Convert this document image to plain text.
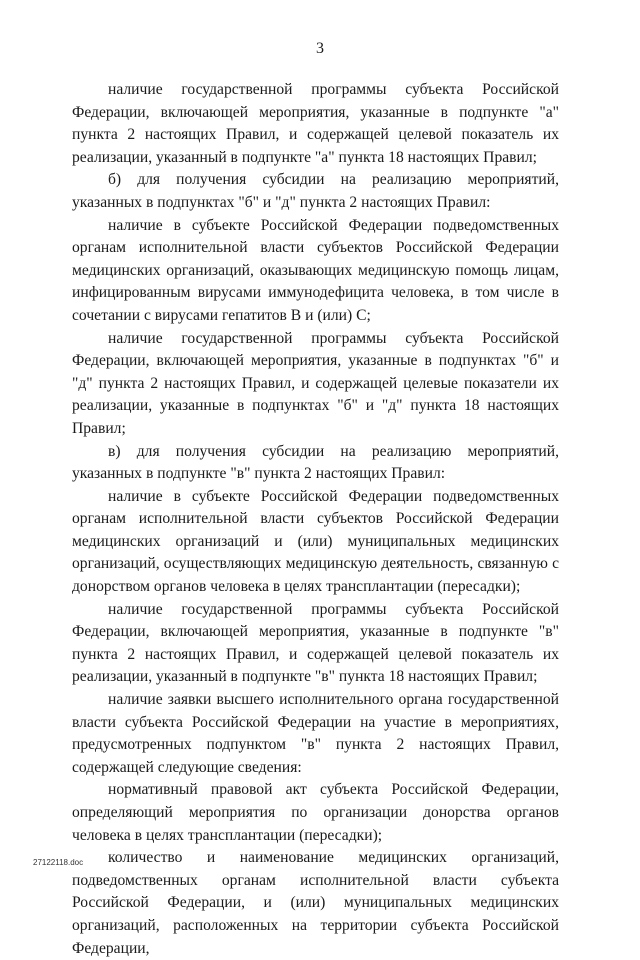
3

наличие государственной программы субъекта Российской Федерации, включающей мероприятия, указанные в подпункте "а" пункта 2 настоящих Правил, и содержащей целевой показатель их реализации, указанный в подпункте "а" пункта 18 настоящих Правил;

б) для получения субсидии на реализацию мероприятий, указанных в подпунктах "б" и "д" пункта 2 настоящих Правил:

наличие в субъекте Российской Федерации подведомственных органам исполнительной власти субъектов Российской Федерации медицинских организаций, оказывающих медицинскую помощь лицам, инфицированным вирусами иммунодефицита человека, в том числе в сочетании с вирусами гепатитов B и (или) C;

наличие государственной программы субъекта Российской Федерации, включающей мероприятия, указанные в подпунктах "б" и "д" пункта 2 настоящих Правил, и содержащей целевые показатели их реализации, указанные в подпунктах "б" и "д" пункта 18 настоящих Правил;

в) для получения субсидии на реализацию мероприятий, указанных в подпункте "в" пункта 2 настоящих Правил:

наличие в субъекте Российской Федерации подведомственных органам исполнительной власти субъектов Российской Федерации медицинских организаций и (или) муниципальных медицинских организаций, осуществляющих медицинскую деятельность, связанную с донорством органов человека в целях трансплантации (пересадки);

наличие государственной программы субъекта Российской Федерации, включающей мероприятия, указанные в подпункте "в" пункта 2 настоящих Правил, и содержащей целевой показатель их реализации, указанный в подпункте "в" пункта 18 настоящих Правил;

наличие заявки высшего исполнительного органа государственной власти субъекта Российской Федерации на участие в мероприятиях, предусмотренных подпунктом "в" пункта 2 настоящих Правил, содержащей следующие сведения:

нормативный правовой акт субъекта Российской Федерации, определяющий мероприятия по организации донорства органов человека в целях трансплантации (пересадки);

количество и наименование медицинских организаций, подведомственных органам исполнительной власти субъекта Российской Федерации, и (или) муниципальных медицинских организаций, расположенных на территории субъекта Российской Федерации,

27122118.doc
